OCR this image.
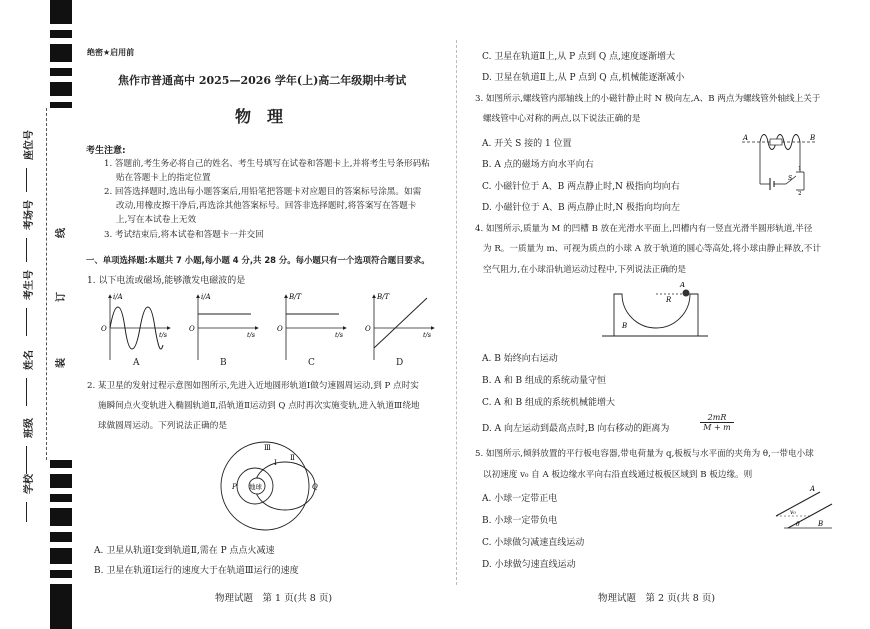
座位号
考场号
考生号
姓名
班级
学校
线
订
装
绝密★启用前
焦作市普通高中 2025—2026 学年(上)高二年级期中考试
物　理
考生注意:
1. 答题前,考生务必将自己的姓名、考生号填写在试卷和答题卡上,并将考生号条形码粘
贴在答题卡上的指定位置
2. 回答选择题时,选出每小题答案后,用铅笔把答题卡对应题目的答案标号涂黑。如需
改动,用橡皮擦干净后,再选涂其他答案标号。回答非选择题时,将答案写在答题卡
上,写在本试卷上无效
3. 考试结束后,将本试卷和答题卡一并交回
一、单项选择题:本题共 7 小题,每小题 4 分,共 28 分。每小题只有一个选项符合题目要求。
1. 以下电流或磁场,能够激发电磁波的是
i/A
t/s
O
i/A
t/s
O
B/T
t/s
O
B/T
t/s
O
A	B	C	D
2. 某卫星的发射过程示意图如图所示,先进入近地圆形轨道Ⅰ做匀速圆周运动,到 P 点时实
施瞬间点火变轨进入椭圆轨道Ⅱ,沿轨道Ⅱ运动到 Q 点时再次实施变轨,进入轨道Ⅲ绕地
球做圆周运动。下列说法正确的是
地球
P	Q
Ⅰ
Ⅱ
Ⅲ
A. 卫星从轨道Ⅰ变到轨道Ⅱ,需在 P 点点火减速
B. 卫星在轨道Ⅰ运行的速度大于在轨道Ⅲ运行的速度
物理试题　第 1 页(共 8 页)
C. 卫星在轨道Ⅱ上,从 P 点到 Q 点,速度逐渐增大
D. 卫星在轨道Ⅱ上,从 P 点到 Q 点,机械能逐渐减小
3. 如图所示,螺线管内部轴线上的小磁针静止时 N 极向左,A、B 两点为螺线管外轴线上关于
螺线管中心对称的两点,以下说法正确的是
A. 开关 S 接的 1 位置
B. A 点的磁场方向水平向右
C. 小磁针位于 A、B 两点静止时,N 极指向均向右
D. 小磁针位于 A、B 两点静止时,N 极指向均向左
A	B
S
1
2
4. 如图所示,质量为 M 的凹槽 B 放在光滑水平面上,凹槽内有一竖直光滑半圆形轨道,半径
为 R。一质量为 m、可视为质点的小球 A 放于轨道的圆心等高处,将小球由静止释放,不计
空气阻力,在小球沿轨道运动过程中,下列说法正确的是
A
R
B
A. B 始终向右运动
B. A 和 B 组成的系统动量守恒
C. A 和 B 组成的系统机械能增大
D. A 向左运动到最高点时,B 向右移动的距离为	$\frac{2mR}{M + m}$
5. 如图所示,倾斜放置的平行板电容器,带电荷量为 q,板板与水平面的夹角为 θ,一带电小球
以初速度 v₀ 自 A 板边缘水平向右沿直线通过板板区域到 B 板边缘。则
A. 小球一定带正电
B. 小球一定带负电
C. 小球做匀减速直线运动
D. 小球做匀速直线运动
A
B
v₀
θ
物理试题　第 2 页(共 8 页)
